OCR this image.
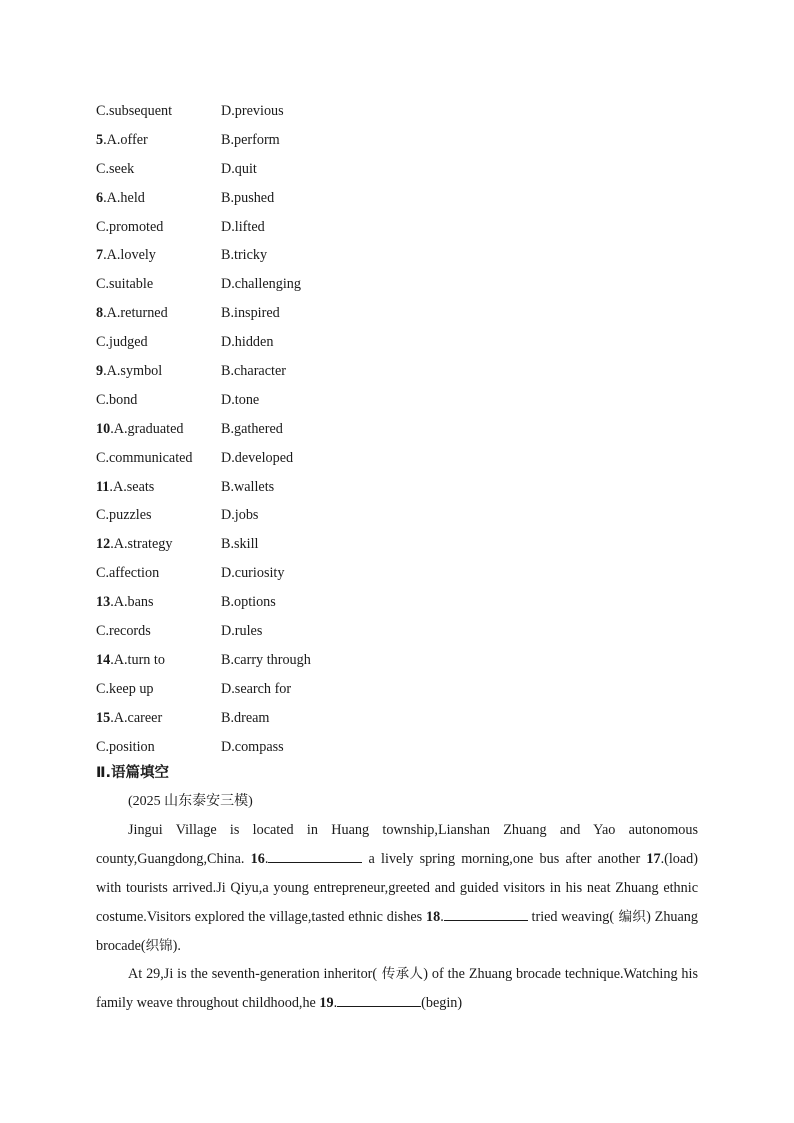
C.subsequent	D.previous
5.A.offer	B.perform
C.seek	D.quit
6.A.held	B.pushed
C.promoted	D.lifted
7.A.lovely	B.tricky
C.suitable	D.challenging
8.A.returned	B.inspired
C.judged	D.hidden
9.A.symbol	B.character
C.bond	D.tone
10.A.graduated	B.gathered
C.communicated D.developed
11.A.seats	B.wallets
C.puzzles	D.jobs
12.A.strategy	B.skill
C.affection	D.curiosity
13.A.bans	B.options
C.records	D.rules
14.A.turn to	B.carry through
C.keep up	D.search for
15.A.career	B.dream
C.position	D.compass
Ⅱ.语篇填空
(2025 山东泰安三模)
Jingui Village is located in Huang township,Lianshan Zhuang and Yao autonomous county,Guangdong,China. 16.	a lively spring morning,one bus after another 17.(load) with tourists arrived.Ji Qiyu,a young entrepreneur,greeted and guided visitors in his neat Zhuang ethnic costume.Visitors explored the village,tasted ethnic dishes 18.	tried weaving( 编织) Zhuang brocade(织锦).
At 29,Ji is the seventh-generation inheritor( 传承人) of the Zhuang brocade technique.Watching his family weave throughout childhood,he 19.	(begin)
